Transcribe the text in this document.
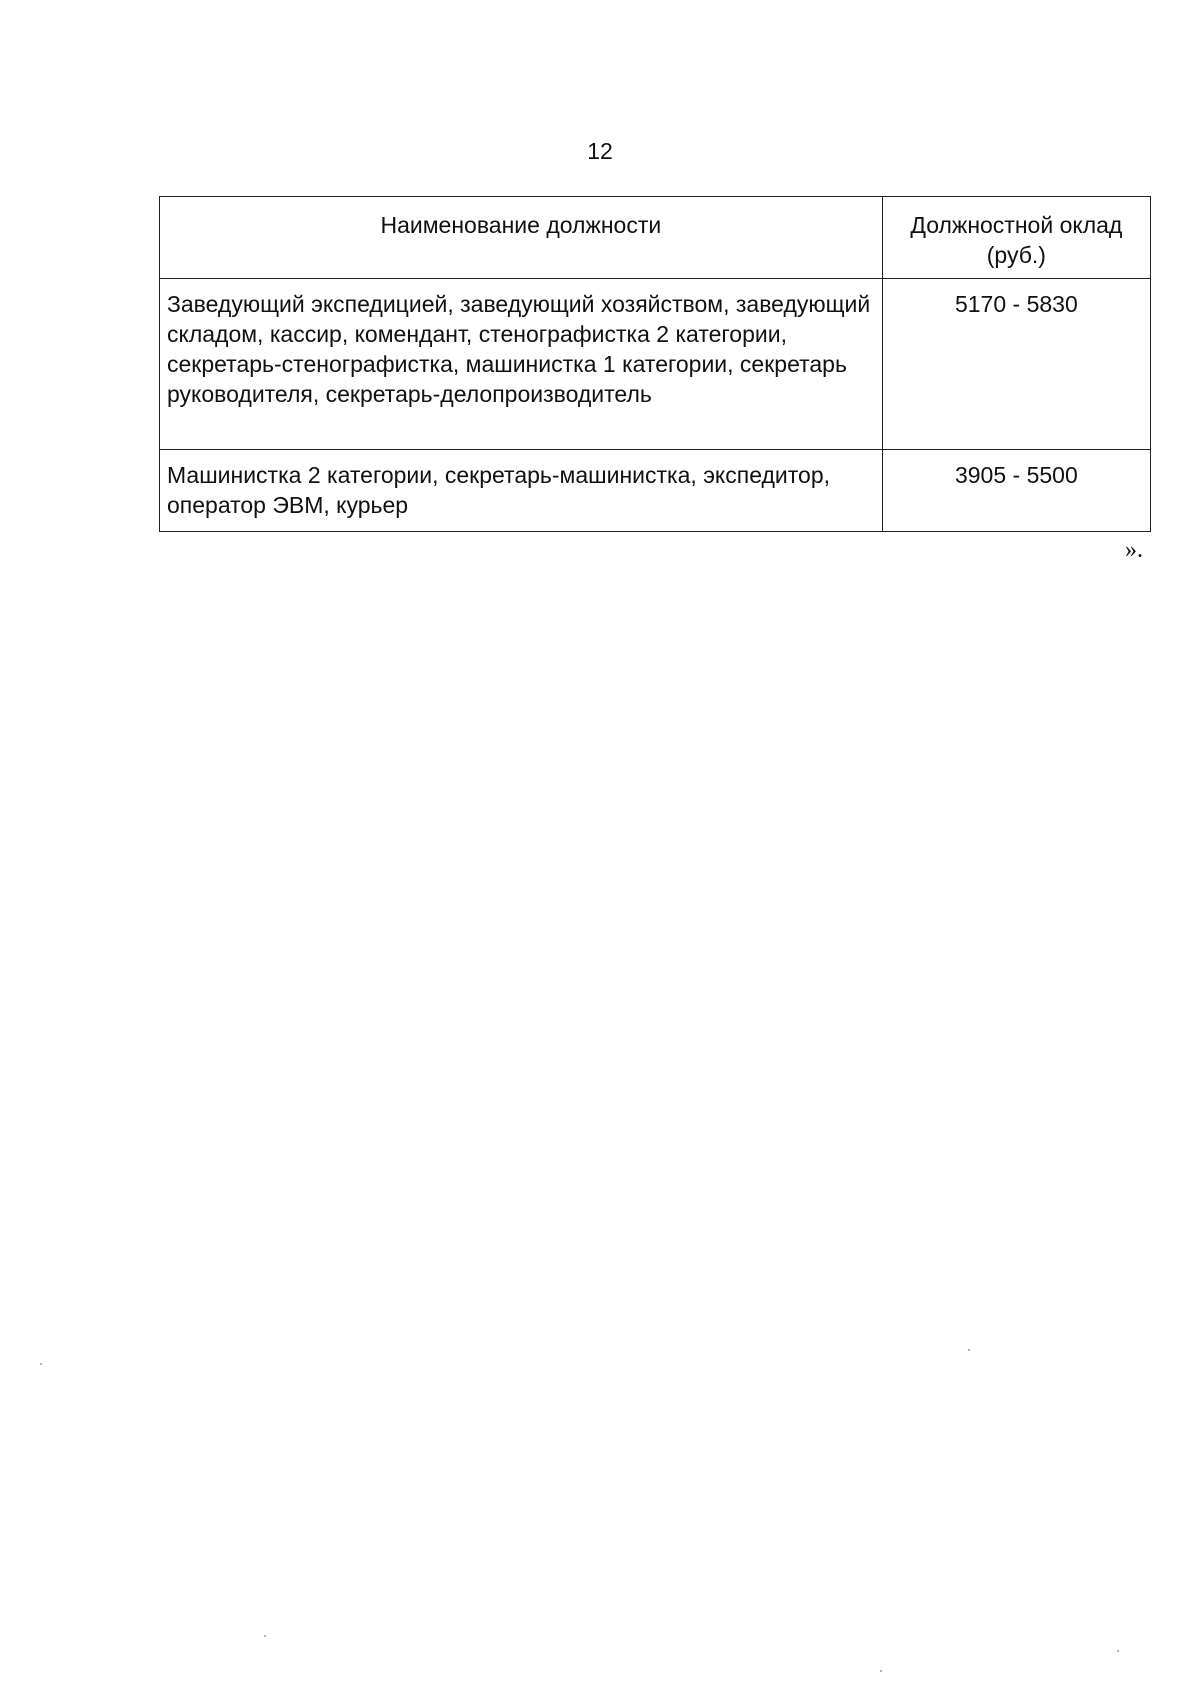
12
Наименование должности	Должностной оклад (руб.)
Заведующий экспедицией, заведующий хозяйством, заведующий складом, кассир, комендант, стенографистка 2 категории, секретарь-стенографистка, машинистка 1 категории, секретарь руководителя, секретарь-делопроизводитель	5170 - 5830
Машинистка 2 категории, секретарь-машинистка, экспедитор, оператор ЭВМ, курьер	3905 - 5500
».
